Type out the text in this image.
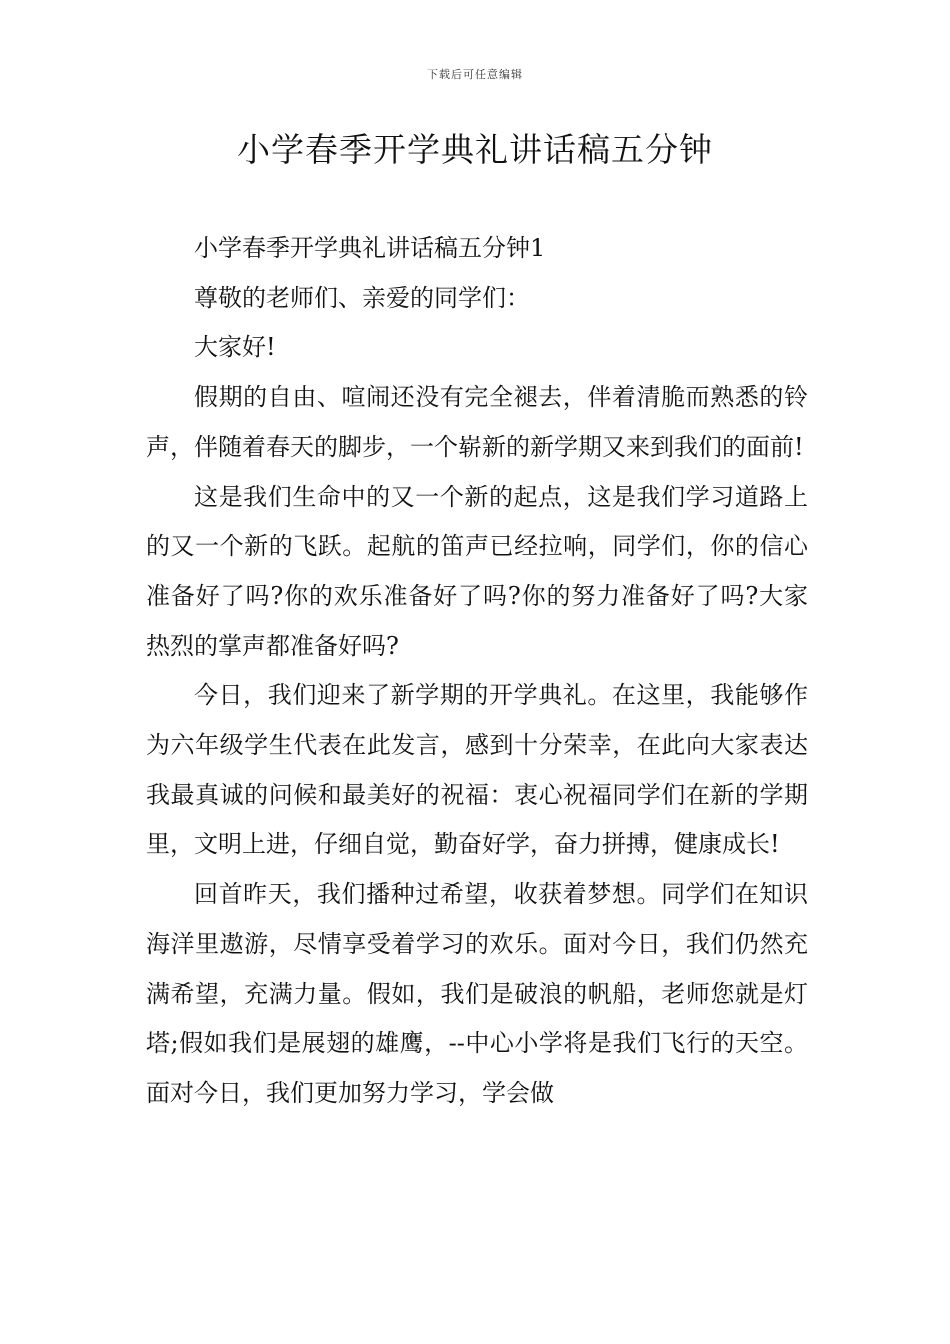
下载后可任意编辑
小学春季开学典礼讲话稿五分钟

小学春季开学典礼讲话稿五分钟1

尊敬的老师们、亲爱的同学们：

大家好!

假期的自由、喧闹还没有完全褪去，伴着清脆而熟悉的铃声，伴随着春天的脚步，一个崭新的新学期又来到我们的面前!

这是我们生命中的又一个新的起点，这是我们学习道路上的又一个新的飞跃。起航的笛声已经拉响，同学们，你的信心准备好了吗?你的欢乐准备好了吗?你的努力准备好了吗?大家热烈的掌声都准备好吗?

今日，我们迎来了新学期的开学典礼。在这里，我能够作为六年级学生代表在此发言，感到十分荣幸，在此向大家表达我最真诚的问候和最美好的祝福：衷心祝福同学们在新的学期里，文明上进，仔细自觉，勤奋好学，奋力拼搏，健康成长!

回首昨天，我们播种过希望，收获着梦想。同学们在知识海洋里遨游，尽情享受着学习的欢乐。面对今日，我们仍然充满希望，充满力量。假如，我们是破浪的帆船，老师您就是灯塔;假如我们是展翅的雄鹰，--中心小学将是我们飞行的天空。面对今日，我们更加努力学习，学会做
